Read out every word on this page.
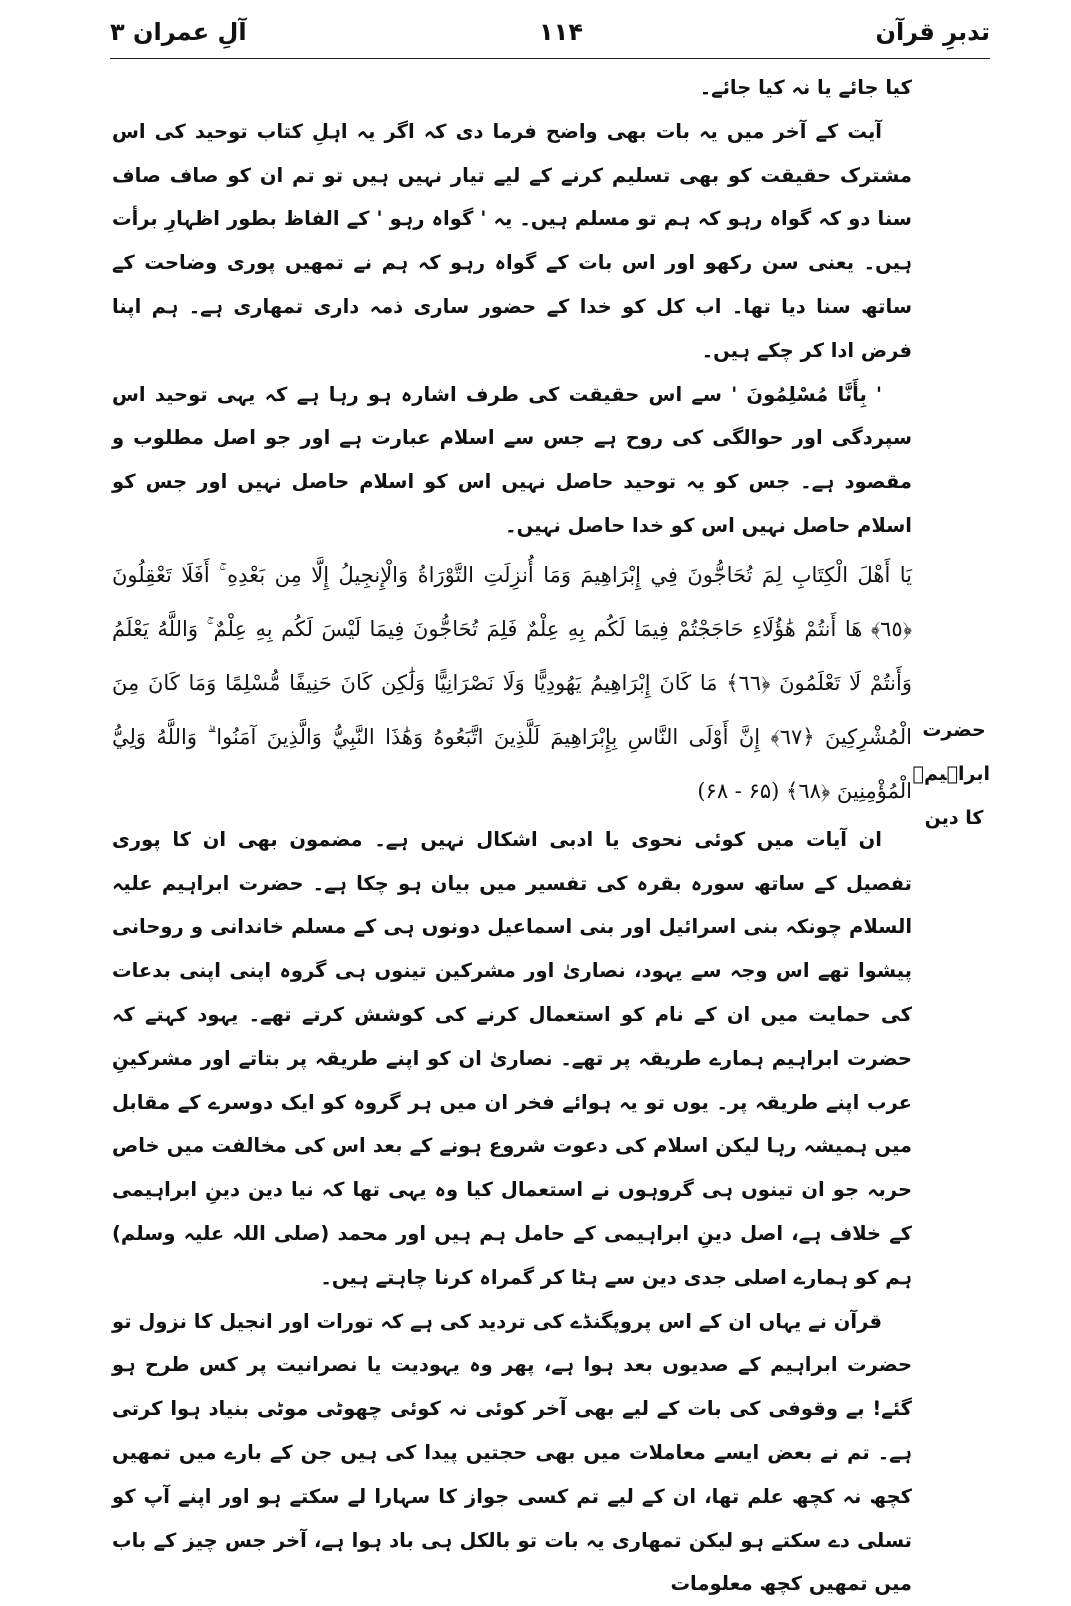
تدبرِ قرآن
۱۱۴
آلِ عمران ۳

کیا جائے یا نہ کیا جائے۔

آیت کے آخر میں یہ بات بھی واضح فرما دی کہ اگر یہ اہلِ کتاب توحید کی اس مشترک حقیقت کو بھی تسلیم کرنے کے لیے تیار نہیں ہیں تو تم ان کو صاف صاف سنا دو کہ گواہ رہو کہ ہم تو مسلم ہیں۔ یہ ' گواہ رہو ' کے الفاظ بطور اظہارِ برأت ہیں۔ یعنی سن رکھو اور اس بات کے گواہ رہو کہ ہم نے تمھیں پوری وضاحت کے ساتھ سنا دیا تھا۔ اب کل کو خدا کے حضور ساری ذمہ داری تمھاری ہے۔ ہم اپنا فرض ادا کر چکے ہیں۔

' بِأَنَّا مُسْلِمُونَ ' سے اس حقیقت کی طرف اشارہ ہو رہا ہے کہ یہی توحید اس سپردگی اور حوالگی کی روح ہے جس سے اسلام عبارت ہے اور جو اصل مطلوب و مقصود ہے۔ جس کو یہ توحید حاصل نہیں اس کو اسلام حاصل نہیں اور جس کو اسلام حاصل نہیں اس کو خدا حاصل نہیں۔

يَا أَهْلَ الْكِتَابِ لِمَ تُحَاجُّونَ فِي إِبْرَاهِيمَ وَمَا أُنزِلَتِ التَّوْرَاةُ وَالْإِنجِيلُ إِلَّا مِن بَعْدِهِ ۚ أَفَلَا تَعْقِلُونَ ﴿٦٥﴾ هَا أَنتُمْ هَٰؤُلَاءِ حَاجَجْتُمْ فِيمَا لَكُم بِهِ عِلْمٌ فَلِمَ تُحَاجُّونَ فِيمَا لَيْسَ لَكُم بِهِ عِلْمٌ ۚ وَاللَّهُ يَعْلَمُ وَأَنتُمْ لَا تَعْلَمُونَ ﴿٦٦﴾ مَا كَانَ إِبْرَاهِيمُ يَهُودِيًّا وَلَا نَصْرَانِيًّا وَلَٰكِن كَانَ حَنِيفًا مُّسْلِمًا وَمَا كَانَ مِنَ الْمُشْرِكِينَ ﴿٦٧﴾ إِنَّ أَوْلَى النَّاسِ بِإِبْرَاهِيمَ لَلَّذِينَ اتَّبَعُوهُ وَهَٰذَا النَّبِيُّ وَالَّذِينَ آمَنُوا ۗ وَاللَّهُ وَلِيُّ الْمُؤْمِنِينَ ﴿٦٨﴾ (۶۵ - ۶۸)

ان آیات میں کوئی نحوی یا ادبی اشکال نہیں ہے۔ مضمون بھی ان کا پوری تفصیل کے ساتھ سورہ بقرہ کی تفسیر میں بیان ہو چکا ہے۔ حضرت ابراہیم علیہ السلام چونکہ بنی اسرائیل اور بنی اسماعیل دونوں ہی کے مسلم خاندانی و روحانی پیشوا تھے اس وجہ سے یہود، نصاریٰ اور مشرکین تینوں ہی گروہ اپنی اپنی بدعات کی حمایت میں ان کے نام کو استعمال کرنے کی کوشش کرتے تھے۔ یہود کہتے کہ حضرت ابراہیم ہمارے طریقہ پر تھے۔ نصاریٰ ان کو اپنے طریقہ پر بتاتے اور مشرکینِ عرب اپنے طریقہ پر۔ یوں تو یہ ہوائے فخر ان میں ہر گروہ کو ایک دوسرے کے مقابل میں ہمیشہ رہا لیکن اسلام کی دعوت شروع ہونے کے بعد اس کی مخالفت میں خاص حربہ جو ان تینوں ہی گروہوں نے استعمال کیا وہ یہی تھا کہ نیا دین دینِ ابراہیمی کے خلاف ہے، اصل دینِ ابراہیمی کے حامل ہم ہیں اور محمد (صلی اللہ علیہ وسلم) ہم کو ہمارے اصلی جدی دین سے ہٹا کر گمراہ کرنا چاہتے ہیں۔

قرآن نے یہاں ان کے اس پروپگنڈے کی تردید کی ہے کہ تورات اور انجیل کا نزول تو حضرت ابراہیم کے صدیوں بعد ہوا ہے، پھر وہ یہودیت یا نصرانیت پر کس طرح ہو گئے! بے وقوفی کی بات کے لیے بھی آخر کوئی نہ کوئی چھوٹی موٹی بنیاد ہوا کرتی ہے۔ تم نے بعض ایسے معاملات میں بھی حجتیں پیدا کی ہیں جن کے بارے میں تمھیں کچھ نہ کچھ علم تھا، ان کے لیے تم کسی جواز کا سہارا لے سکتے ہو اور اپنے آپ کو تسلی دے سکتے ہو لیکن تمھاری یہ بات تو بالکل ہی باد ہوا ہے، آخر جس چیز کے باب میں تمھیں کچھ معلومات

حضرت ابراہیمؑ کا دین
